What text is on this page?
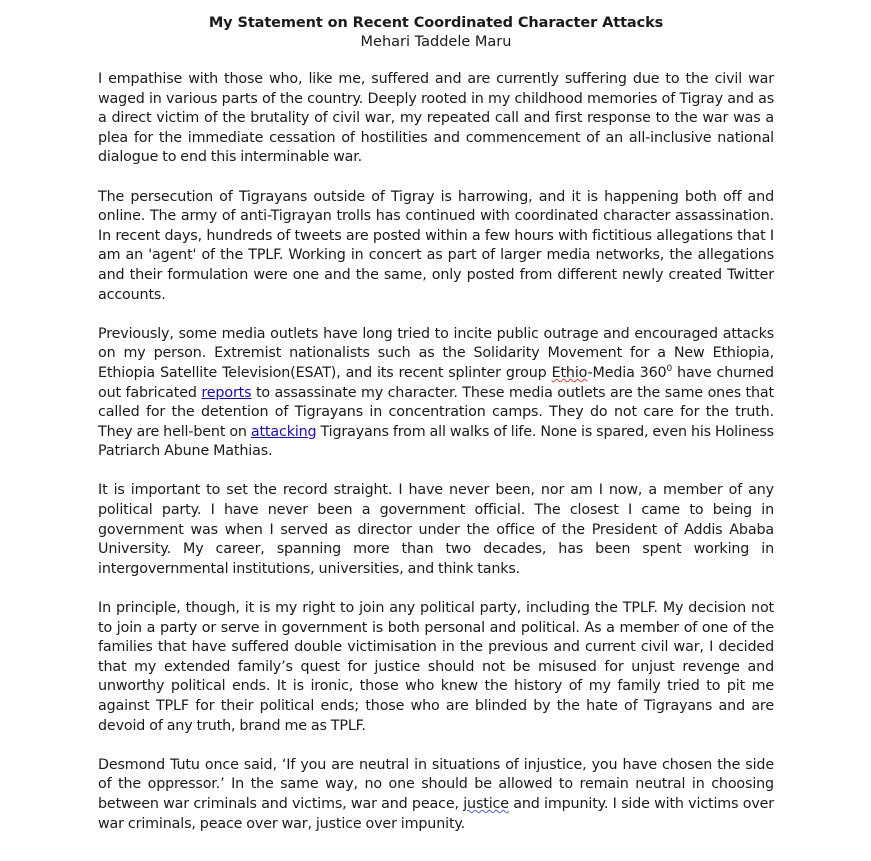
My Statement on Recent Coordinated Character Attacks

Mehari Taddele Maru

I empathise with those who, like me, suffered and are currently suffering due to the civil war waged in various parts of the country. Deeply rooted in my childhood memories of Tigray and as a direct victim of the brutality of civil war, my repeated call and first response to the war was a plea for the immediate cessation of hostilities and commencement of an all-inclusive national dialogue to end this interminable war.

The persecution of Tigrayans outside of Tigray is harrowing, and it is happening both off and online. The army of anti-Tigrayan trolls has continued with coordinated character assassination. In recent days, hundreds of tweets are posted within a few hours with fictitious allegations that I am an 'agent' of the TPLF. Working in concert as part of larger media networks, the allegations and their formulation were one and the same, only posted from different newly created Twitter accounts.

Previously, some media outlets have long tried to incite public outrage and encouraged attacks on my person. Extremist nationalists such as the Solidarity Movement for a New Ethiopia, Ethiopia Satellite Television(ESAT), and its recent splinter group Ethio-Media $360^0$ have churned out fabricated reports to assassinate my character. These media outlets are the same ones that called for the detention of Tigrayans in concentration camps. They do not care for the truth. They are hell-bent on attacking Tigrayans from all walks of life. None is spared, even his Holiness Patriarch Abune Mathias.

It is important to set the record straight. I have never been, nor am I now, a member of any political party. I have never been a government official. The closest I came to being in government was when I served as director under the office of the President of Addis Ababa University. My career, spanning more than two decades, has been spent working in intergovernmental institutions, universities, and think tanks.

In principle, though, it is my right to join any political party, including the TPLF. My decision not to join a party or serve in government is both personal and political. As a member of one of the families that have suffered double victimisation in the previous and current civil war, I decided that my extended family’s quest for justice should not be misused for unjust revenge and unworthy political ends. It is ironic, those who knew the history of my family tried to pit me against TPLF for their political ends; those who are blinded by the hate of Tigrayans and are devoid of any truth, brand me as TPLF.

Desmond Tutu once said, ‘If you are neutral in situations of injustice, you have chosen the side of the oppressor.’ In the same way, no one should be allowed to remain neutral in choosing between war criminals and victims, war and peace, justice and impunity. I side with victims over war criminals, peace over war, justice over impunity.
